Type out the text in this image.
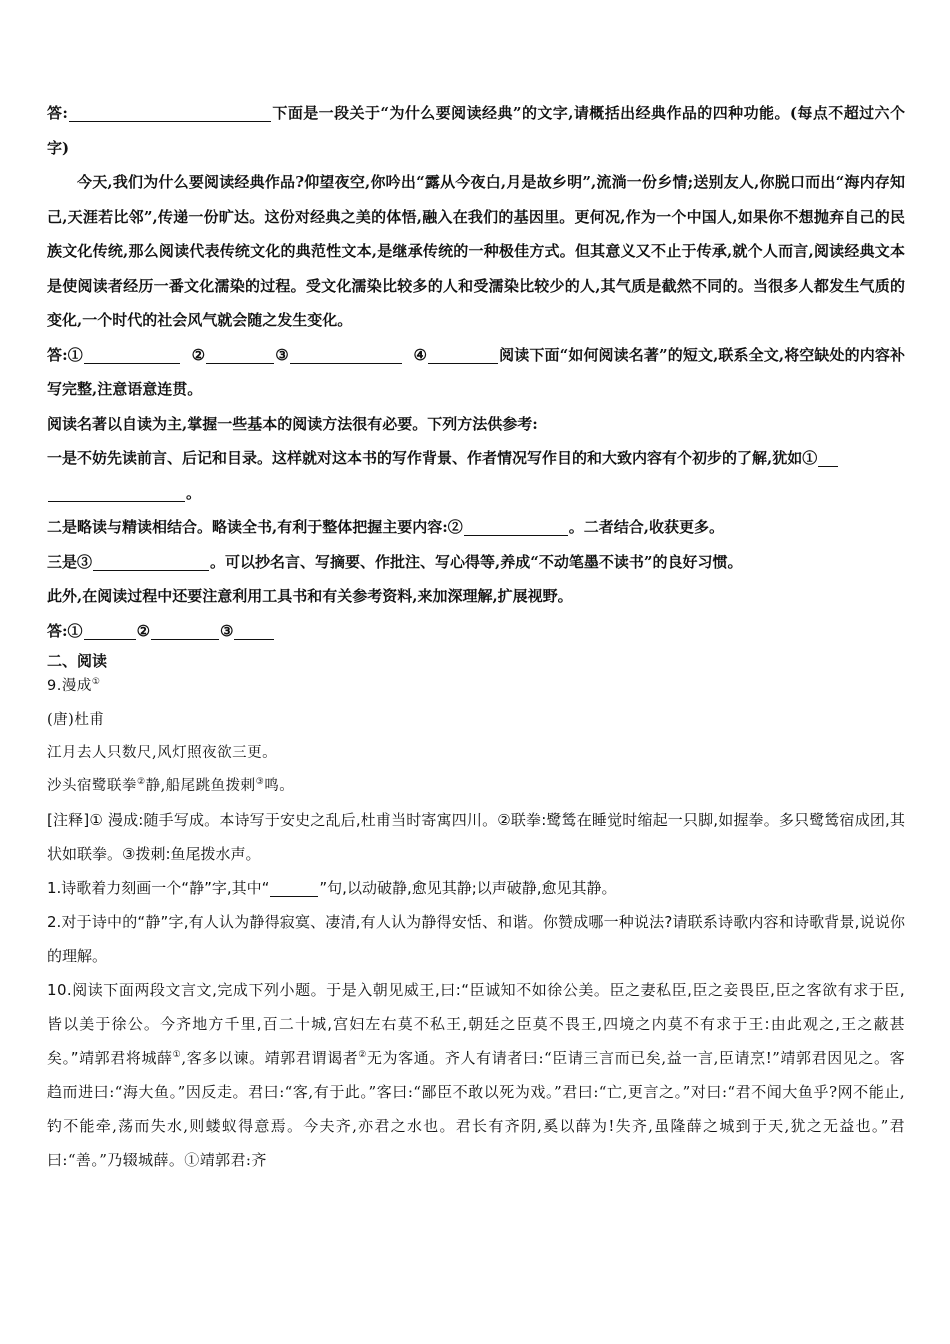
答:	下面是一段关于“为什么要阅读经典”的文字,请概括出经典作品的四种功能。(每点不超过六个字)

今天,我们为什么要阅读经典作品?仰望夜空,你吟出“露从今夜白,月是故乡明”,流淌一份乡情;送别友人,你脱口而出“海内存知己,天涯若比邻”,传递一份旷达。这份对经典之美的体悟,融入在我们的基因里。更何况,作为一个中国人,如果你不想抛弃自己的民族文化传统,那么阅读代表传统文化的典范性文本,是继承传统的一种极佳方式。但其意义又不止于传承,就个人而言,阅读经典文本是使阅读者经历一番文化濡染的过程。受文化濡染比较多的人和受濡染比较少的人,其气质是截然不同的。当很多人都发生气质的变化,一个时代的社会风气就会随之发生变化。

答:①	②	③	④	阅读下面“如何阅读名著”的短文,联系全文,将空缺处的内容补写完整,注意语意连贯。

阅读名著以自读为主,掌握一些基本的阅读方法很有必要。下列方法供参考:

一是不妨先读前言、后记和目录。这样就对这本书的写作背景、作者情况写作目的和大致内容有个初步的了解,犹如①
。

二是略读与精读相结合。略读全书,有利于整体把握主要内容:②	。二者结合,收获更多。

三是③	。可以抄名言、写摘要、作批注、写心得等,养成“不动笔墨不读书”的良好习惯。

此外,在阅读过程中还要注意利用工具书和有关参考资料,来加深理解,扩展视野。

答:①	②	③

二、阅读

9.漫成①

(唐)杜甫

江月去人只数尺,风灯照夜欲三更。

沙头宿鹭联拳②静,船尾跳鱼拨剌③鸣。

[注释]① 漫成:随手写成。本诗写于安史之乱后,杜甫当时寄寓四川。②联拳:鹭鸶在睡觉时缩起一只脚,如握拳。多只鹭鸶宿成团,其状如联拳。③拨刺:鱼尾拨水声。

1.诗歌着力刻画一个“静”字,其中“	”句,以动破静,愈见其静;以声破静,愈见其静。

2.对于诗中的“静”字,有人认为静得寂寞、凄清,有人认为静得安恬、和谐。你赞成哪一种说法?请联系诗歌内容和诗歌背景,说说你的理解。

10.阅读下面两段文言文,完成下列小题。于是入朝见威王,曰:“臣诚知不如徐公美。臣之妻私臣,臣之妾畏臣,臣之客欲有求于臣,皆以美于徐公。今齐地方千里,百二十城,宫妇左右莫不私王,朝廷之臣莫不畏王,四境之内莫不有求于王:由此观之,王之蔽甚矣。”靖郭君将城薛①,客多以谏。靖郭君谓谒者②无为客通。齐人有请者曰:“臣请三言而已矣,益一言,臣请烹!”靖郭君因见之。客趋而进曰:“海大鱼。”因反走。君曰:“客,有于此。”客曰:“鄙臣不敢以死为戏。”君曰:“亡,更言之。”对曰:“君不闻大鱼乎?网不能止,钓不能牵,荡而失水,则蝼蚁得意焉。今夫齐,亦君之水也。君长有齐阴,奚以薛为!失齐,虽隆薛之城到于天,犹之无益也。”君曰:“善。”乃辍城薛。①靖郭君:齐
